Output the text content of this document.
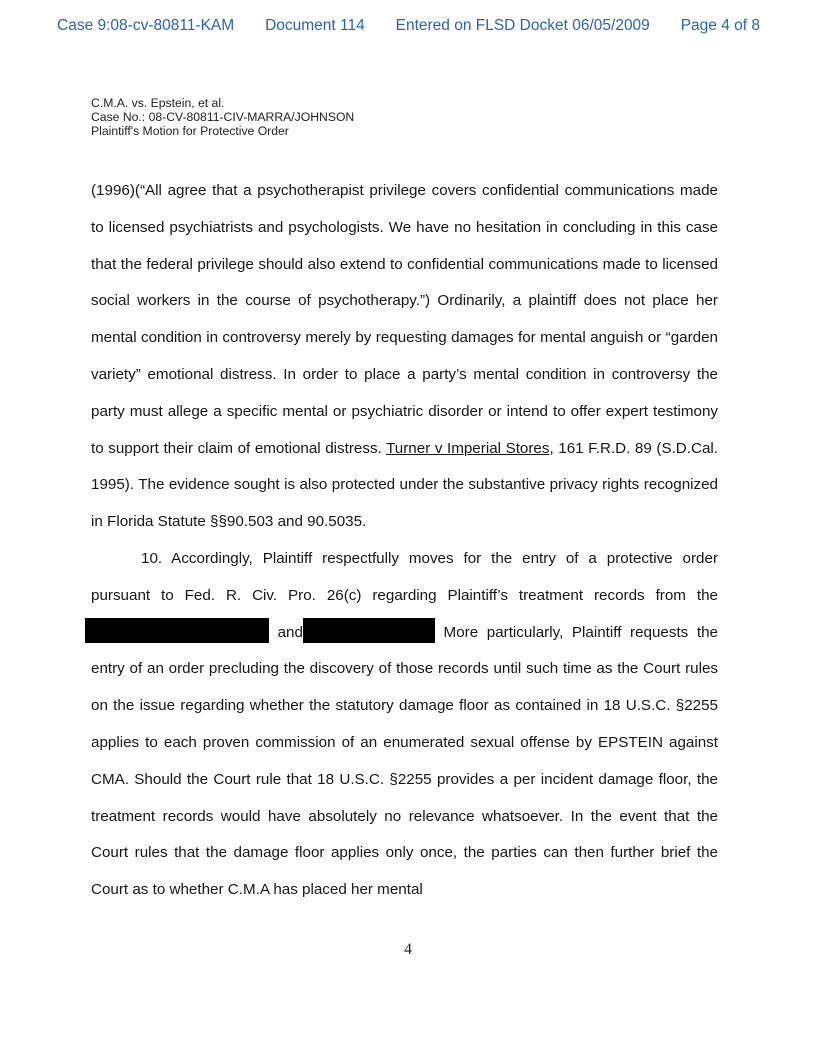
Case 9:08-cv-80811-KAM Document 114 Entered on FLSD Docket 06/05/2009 Page 4 of 8
C.M.A. vs. Epstein, et al.
Case No.: 08-CV-80811-CIV-MARRA/JOHNSON
Plaintiff's Motion for Protective Order

(1996)(“All agree that a psychotherapist privilege covers confidential communications made to licensed psychiatrists and psychologists. We have no hesitation in concluding in this case that the federal privilege should also extend to confidential communications made to licensed social workers in the course of psychotherapy.”) Ordinarily, a plaintiff does not place her mental condition in controversy merely by requesting damages for mental anguish or “garden variety” emotional distress. In order to place a party’s mental condition in controversy the party must allege a specific mental or psychiatric disorder or intend to offer expert testimony to support their claim of emotional distress. Turner v Imperial Stores, 161 F.R.D. 89 (S.D.Cal. 1995). The evidence sought is also protected under the substantive privacy rights recognized in Florida Statute §§90.503 and 90.5035.

10. Accordingly, Plaintiff respectfully moves for the entry of a protective order pursuant to Fed. R. Civ. Pro. 26(c) regarding Plaintiff’s treatment records from the  and	More particularly, Plaintiff requests the entry of an order precluding the discovery of those records until such time as the Court rules on the issue regarding whether the statutory damage floor as contained in 18 U.S.C. §2255 applies to each proven commission of an enumerated sexual offense by EPSTEIN against CMA. Should the Court rule that 18 U.S.C. §2255 provides a per incident damage floor, the treatment records would have absolutely no relevance whatsoever. In the event that the Court rules that the damage floor applies only once, the parties can then further brief the Court as to whether C.M.A has placed her mental

4
